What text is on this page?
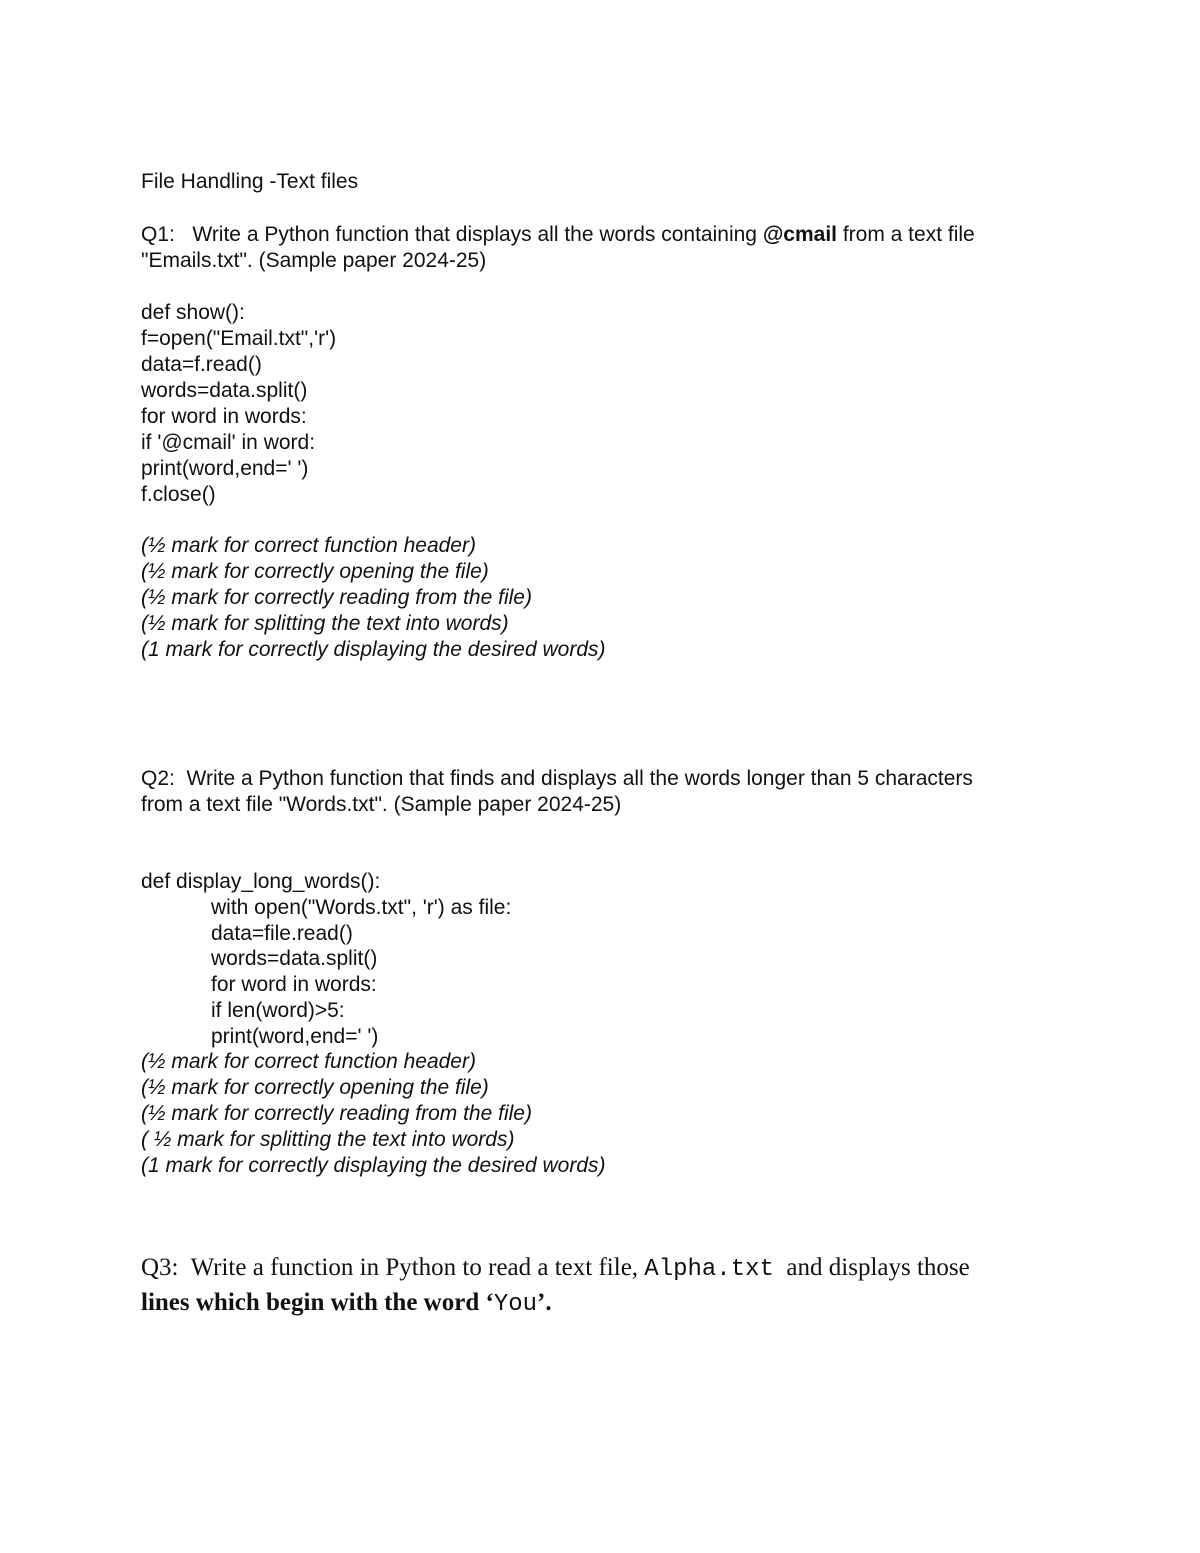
File Handling -Text files
Q1: Write a Python function that displays all the words containing @cmail from a text file
"Emails.txt". (Sample paper 2024-25)
def show():
f=open("Email.txt",'r')
data=f.read()
words=data.split()
for word in words:
if '@cmail' in word:
print(word,end=' ')
f.close()
(½ mark for correct function header)
(½ mark for correctly opening the file)
(½ mark for correctly reading from the file)
(½ mark for splitting the text into words)
(1 mark for correctly displaying the desired words)
Q2: Write a Python function that finds and displays all the words longer than 5 characters
from a text file "Words.txt". (Sample paper 2024-25)
def display_long_words():
with open("Words.txt", 'r') as file:
data=file.read()
words=data.split()
for word in words:
if len(word)>5:
print(word,end=' ')
(½ mark for correct function header)
(½ mark for correctly opening the file)
(½ mark for correctly reading from the file)
( ½ mark for splitting the text into words)
(1 mark for correctly displaying the desired words)
Q3: Write a function in Python to read a text file, Alpha.txt  and displays those
lines which begin with the word ‘You’.
